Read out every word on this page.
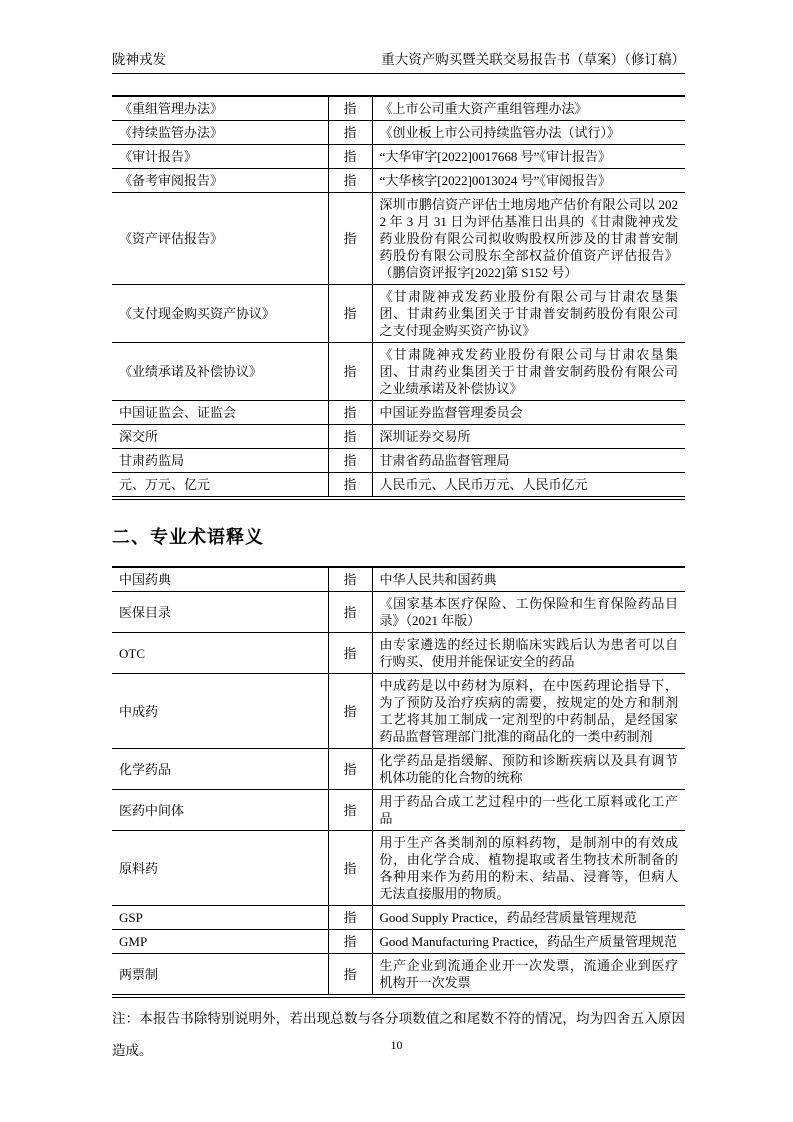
陇神戎发	重大资产购买暨关联交易报告书（草案）（修订稿）
《重组管理办法》	指	《上市公司重大资产重组管理办法》
《持续监管办法》	指	《创业板上市公司持续监管办法（试行）》
《审计报告》	指	“大华审字[2022]0017668 号”《审计报告》
《备考审阅报告》	指	“大华核字[2022]0013024 号”《审阅报告》
《资产评估报告》	指	深圳市鹏信资产评估土地房地产估价有限公司以 2022 年 3 月 31 日为评估基准日出具的《甘肃陇神戎发药业股份有限公司拟收购股权所涉及的甘肃普安制药股份有限公司股东全部权益价值资产评估报告》（鹏信资评报字[2022]第 S152 号）
《支付现金购买资产协议》	指	《甘肃陇神戎发药业股份有限公司与甘肃农垦集团、甘肃药业集团关于甘肃普安制药股份有限公司之支付现金购买资产协议》
《业绩承诺及补偿协议》	指	《甘肃陇神戎发药业股份有限公司与甘肃农垦集团、甘肃药业集团关于甘肃普安制药股份有限公司之业绩承诺及补偿协议》
中国证监会、证监会	指	中国证券监督管理委员会
深交所	指	深圳证券交易所
甘肃药监局	指	甘肃省药品监督管理局
元、万元、亿元	指	人民币元、人民币万元、人民币亿元
二、专业术语释义
中国药典	指	中华人民共和国药典
医保目录	指	《国家基本医疗保险、工伤保险和生育保险药品目录》（2021 年版）
OTC	指	由专家遴选的经过长期临床实践后认为患者可以自行购买、使用并能保证安全的药品
中成药	指	中成药是以中药材为原料，在中医药理论指导下，为了预防及治疗疾病的需要，按规定的处方和制剂工艺将其加工制成一定剂型的中药制品，是经国家药品监督管理部门批准的商品化的一类中药制剂
化学药品	指	化学药品是指缓解、预防和诊断疾病以及具有调节机体功能的化合物的统称
医药中间体	指	用于药品合成工艺过程中的一些化工原料或化工产品
原料药	指	用于生产各类制剂的原料药物，是制剂中的有效成份，由化学合成、植物提取或者生物技术所制备的各种用来作为药用的粉末、结晶、浸膏等，但病人无法直接服用的物质。
GSP	指	Good Supply Practice，药品经营质量管理规范
GMP	指	Good Manufacturing Practice，药品生产质量管理规范
两票制	指	生产企业到流通企业开一次发票，流通企业到医疗机构开一次发票
注：本报告书除特别说明外，若出现总数与各分项数值之和尾数不符的情况，均为四舍五入原因造成。	10
